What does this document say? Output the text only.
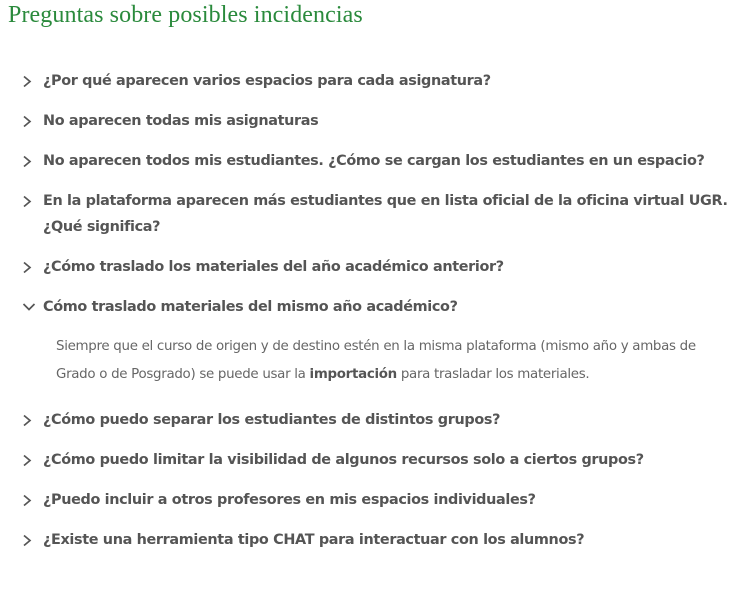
Preguntas sobre posibles incidencias
¿Por qué aparecen varios espacios para cada asignatura?
No aparecen todas mis asignaturas
No aparecen todos mis estudiantes. ¿Cómo se cargan los estudiantes en un espacio?
En la plataforma aparecen más estudiantes que en lista oficial de la oficina virtual UGR. ¿Qué significa?
¿Cómo traslado los materiales del año académico anterior?
Cómo traslado materiales del mismo año académico?
Siempre que el curso de origen y de destino estén en la misma plataforma (mismo año y ambas de Grado o de Posgrado) se puede usar la importación para trasladar los materiales.
¿Cómo puedo separar los estudiantes de distintos grupos?
¿Cómo puedo limitar la visibilidad de algunos recursos solo a ciertos grupos?
¿Puedo incluir a otros profesores en mis espacios individuales?
¿Existe una herramienta tipo CHAT para interactuar con los alumnos?
